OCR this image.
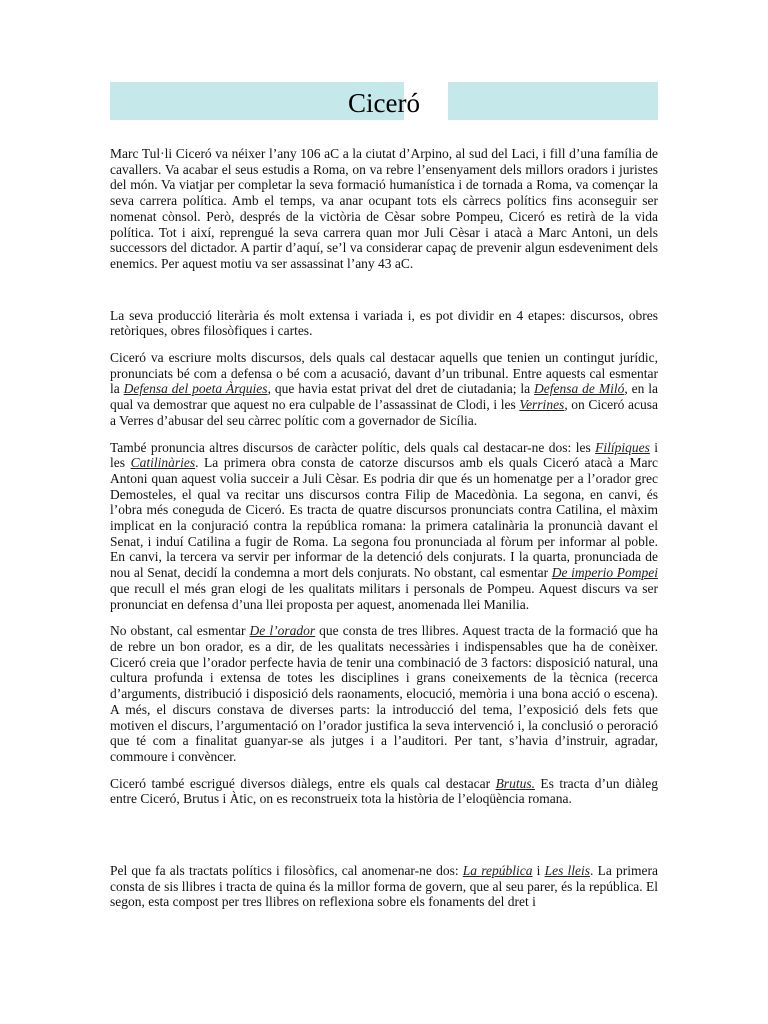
Ciceró

Marc Tul·li Ciceró va néixer l’any 106 aC a la ciutat d’Arpino, al sud del Laci, i fill d’una família de cavallers. Va acabar el seus estudis a Roma, on va rebre l’ensenyament dels millors oradors i juristes del món. Va viatjar per completar la seva formació humanística i de tornada a Roma, va començar la seva carrera política. Amb el temps, va anar ocupant tots els càrrecs polítics fins aconseguir ser nomenat cònsol. Però, després de la victòria de Cèsar sobre Pompeu, Ciceró es retirà de la vida política. Tot i així, reprengué la seva carrera quan mor Juli Cèsar i atacà a Marc Antoni, un dels successors del dictador. A partir d’aquí, se’l va considerar capaç de prevenir algun esdeveniment dels enemics. Per aquest motiu va ser assassinat l’any 43 aC.

La seva producció literària és molt extensa i variada i, es pot dividir en 4 etapes: discursos, obres retòriques, obres filosòfiques i cartes.

Ciceró va escriure molts discursos, dels quals cal destacar aquells que tenien un contingut jurídic, pronunciats bé com a defensa o bé com a acusació, davant d’un tribunal. Entre aquests cal esmentar la Defensa del poeta Àrquies, que havia estat privat del dret de ciutadania; la Defensa de Miló, en la qual va demostrar que aquest no era culpable de l’assassinat de Clodi, i les Verrines, on Ciceró acusa a Verres d’abusar del seu càrrec polític com a governador de Sicília.

També pronuncia altres discursos de caràcter polític, dels quals cal destacar-ne dos: les Filípiques i les Catilinàries. La primera obra consta de catorze discursos amb els quals Ciceró atacà a Marc Antoni quan aquest volia succeir a Juli Cèsar. Es podria dir que és un homenatge per a l’orador grec Demosteles, el qual va recitar uns discursos contra Filip de Macedònia. La segona, en canvi, és l’obra més coneguda de Ciceró. Es tracta de quatre discursos pronunciats contra Catilina, el màxim implicat en la conjuració contra la república romana: la primera catalinària la pronuncià davant el Senat, i induí Catilina a fugir de Roma. La segona fou pronunciada al fòrum per informar al poble. En canvi, la tercera va servir per informar de la detenció dels conjurats. I la quarta, pronunciada de nou al Senat, decidí la condemna a mort dels conjurats. No obstant, cal esmentar De imperio Pompei que recull el més gran elogi de les qualitats militars i personals de Pompeu. Aquest discurs va ser pronunciat en defensa d’una llei proposta per aquest, anomenada llei Manilia.

No obstant, cal esmentar De l’orador que consta de tres llibres. Aquest tracta de la formació que ha de rebre un bon orador, es a dir, de les qualitats necessàries i indispensables que ha de conèixer. Ciceró creia que l’orador perfecte havia de tenir una combinació de 3 factors: disposició natural, una cultura profunda i extensa de totes les disciplines i grans coneixements de la tècnica (recerca d’arguments, distribució i disposició dels raonaments, elocució, memòria i una bona acció o escena). A més, el discurs constava de diverses parts: la introducció del tema, l’exposició dels fets que motiven el discurs, l’argumentació on l’orador justifica la seva intervenció i, la conclusió o peroració que té com a finalitat guanyar-se als jutges i a l’auditori. Per tant, s’havia d’instruir, agradar, commoure i convèncer.

Ciceró també escrigué diversos diàlegs, entre els quals cal destacar Brutus. Es tracta d’un diàleg entre Ciceró, Brutus i Àtic, on es reconstrueix tota la història de l’eloqüència romana.

Pel que fa als tractats polítics i filosòfics, cal anomenar-ne dos: La república i Les lleis. La primera consta de sis llibres i tracta de quina és la millor forma de govern, que al seu parer, és la república. El segon, esta compost per tres llibres on reflexiona sobre els fonaments del dret i
